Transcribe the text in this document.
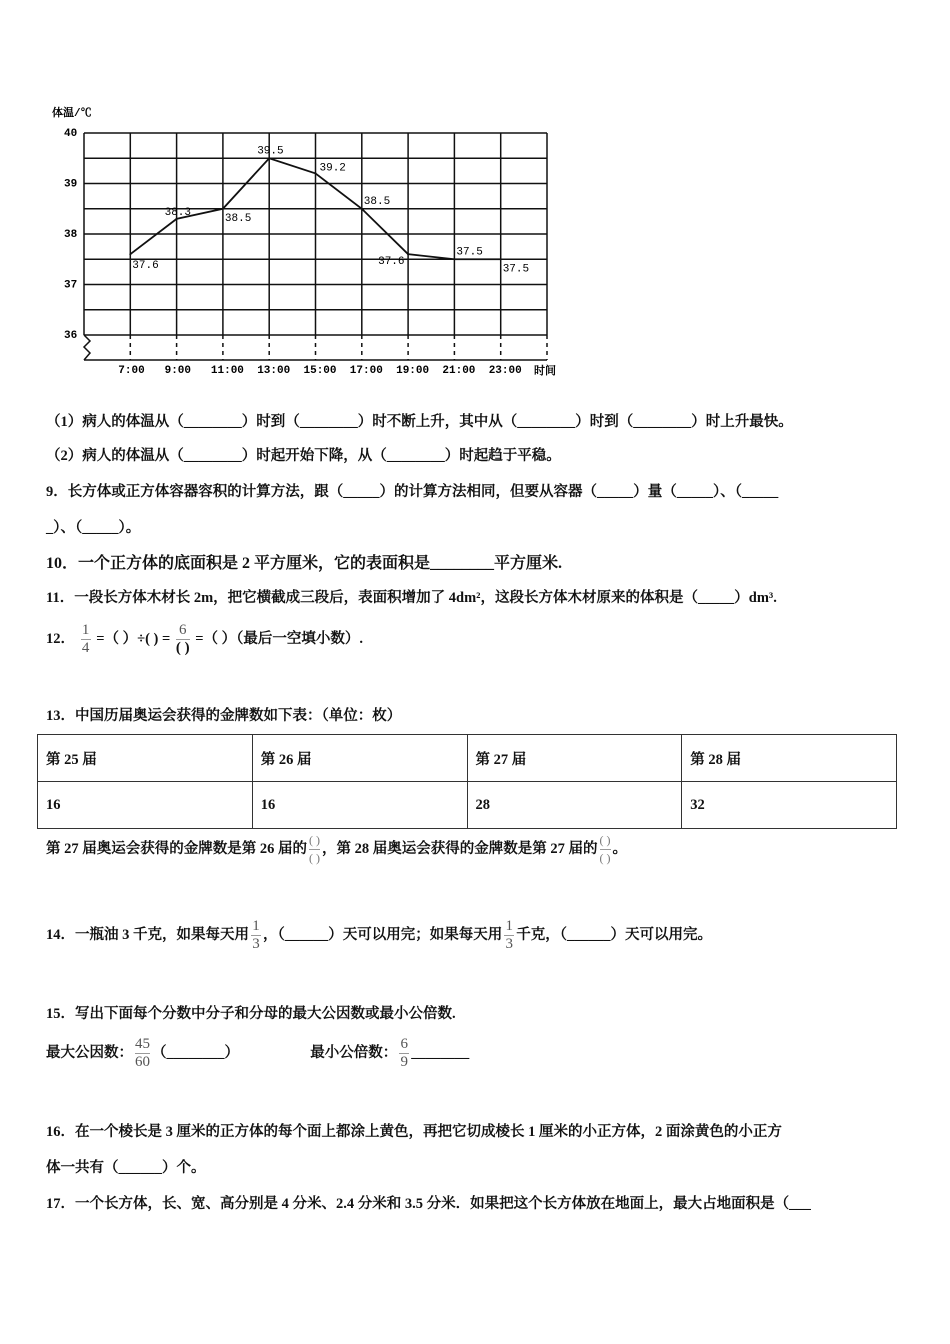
36
37
38
39
40
体温/℃
时间
7:00 9:00 11:00 13:00 15:00 17:00 19:00 21:00 23:00
37.6
38.3	38.5
39.5
39.2
38.5
37.6
37.5
37.5
（1）病人的体温从（________）时到（________）时不断上升，其中从（________）时到（________）时上升最快。
（2）病人的体温从（________）时起开始下降，从（________）时起趋于平稳。
9．长方体或正方体容器容积的计算方法，跟（_____）的计算方法相同，但要从容器（_____）量（_____）、（_____
_）、（_____）。
10．一个正方体的底面积是 2 平方厘米，它的表面积是________平方厘米.
11．一段长方体木材长 2m，把它横截成三段后，表面积增加了 4dm²，这段长方体木材原来的体积是（_____）dm³.
12． $\frac{1}{4}$ =（ ）÷( ) = $\frac{6}{( )}$ =（ ）（最后一空填小数）.
13．中国历届奥运会获得的金牌数如下表：（单位：枚）
第 25 届	第 26 届	第 27 届	第 28 届
16	16	28	32
第 27 届奥运会获得的金牌数是第 26 届的 $\frac{( )}{( )}$ ，第 28 届奥运会获得的金牌数是第 27 届的 $\frac{( )}{( )}$ 。
14．一瓶油 3 千克，如果每天用 $\frac{1}{3}$ ，（______）天可以用完；如果每天用 $\frac{1}{3}$ 千克，（______）天可以用完。
15．写出下面每个分数中分子和分母的最大公因数或最小公倍数.
最大公因数： $\frac{45}{60}$ （________）	最小公倍数： $\frac{6}{9}$ ________
16．在一个棱长是 3 厘米的正方体的每个面上都涂上黄色，再把它切成棱长 1 厘米的小正方体，2 面涂黄色的小正方
体一共有（______）个。
17．一个长方体，长、宽、高分别是 4 分米、2.4 分米和 3.5 分米．如果把这个长方体放在地面上，最大占地面积是（___
